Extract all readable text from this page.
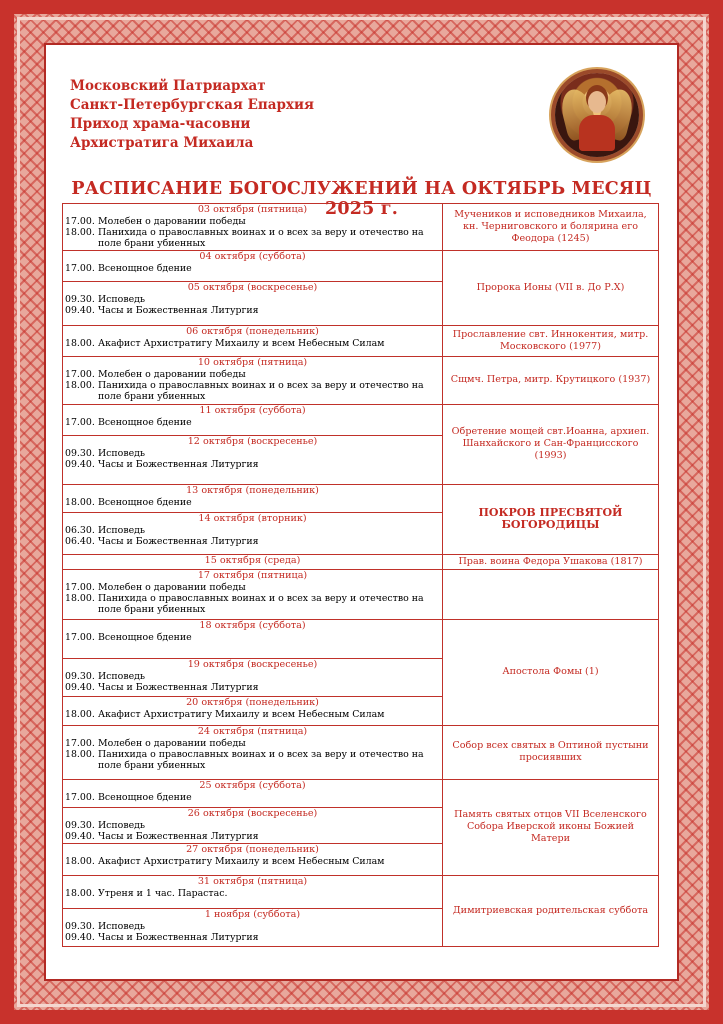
Московский Патриархат
Санкт-Петербургская Епархия
Приход храма-часовни
Архистратига Михаила
РАСПИСАНИЕ БОГОСЛУЖЕНИЙ НА ОКТЯБРЬ МЕСЯЦ 2025 г.
03 октября (пятница)
17.00. Молебен о даровании победы
18.00. Панихида о православных воинах и о всех за веру и отечество на поле брани убиенных	Мучеников и исповедников Михаила, кн. Черниговского и болярина его Феодора (1245)

04 октября (суббота)
17.00. Всенощное бдение	Пророка Ионы (VII в. До Р.Х)

05 октября (воскресенье)
09.30. Исповедь
09.40. Часы и Божественная Литургия	

06 октября (понедельник)
18.00. Акафист Архистратигу Михаилу и всем Небесным Силам	Прославление свт. Иннокентия, митр. Московского (1977)

10 октября (пятница)
17.00. Молебен о даровании победы
18.00. Панихида о православных воинах и о всех за веру и отечество на поле брани убиенных	Сщмч. Петра, митр. Крутицкого (1937)

11 октября (суббота)
17.00. Всенощное бдение	Обретение мощей свт.Иоанна, архиеп. Шанхайского и Сан-Францисского (1993)

12 октября (воскресенье)
09.30. Исповедь
09.40. Часы и Божественная Литургия	

13 октября (понедельник)
18.00. Всенощное бдение	ПОКРОВ ПРЕСВЯТОЙ БОГОРОДИЦЫ

14 октября (вторник)
06.30. Исповедь
06.40. Часы и Божественная Литургия	

15 октября (среда)	Прав. воина Федора Ушакова (1817)

17 октября (пятница)
17.00. Молебен о даровании победы
18.00. Панихида о православных воинах и о всех за веру и отечество на поле брани убиенных	

18 октября (суббота)
17.00. Всенощное бдение	Апостола Фомы (1)

19 октября (воскресенье)
09.30. Исповедь
09.40. Часы и Божественная Литургия	

20 октября (понедельник)
18.00. Акафист Архистратигу Михаилу и всем Небесным Силам	

24 октября (пятница)
17.00. Молебен о даровании победы
18.00. Панихида о православных воинах и о всех за веру и отечество на поле брани убиенных	Собор всех святых в Оптиной пустыни просиявших

25 октября (суббота)
17.00. Всенощное бдение	Память святых отцов VII Вселенского Собора Иверской иконы Божией Матери

26 октября (воскресенье)
09.30. Исповедь
09.40. Часы и Божественная Литургия	

27 октября (понедельник)
18.00. Акафист Архистратигу Михаилу и всем Небесным Силам	

31 октября (пятница)
18.00. Утреня и 1 час. Парастас.	Димитриевская родительская суббота

1 ноября (суббота)
09.30. Исповедь
09.40. Часы и Божественная Литургия	
